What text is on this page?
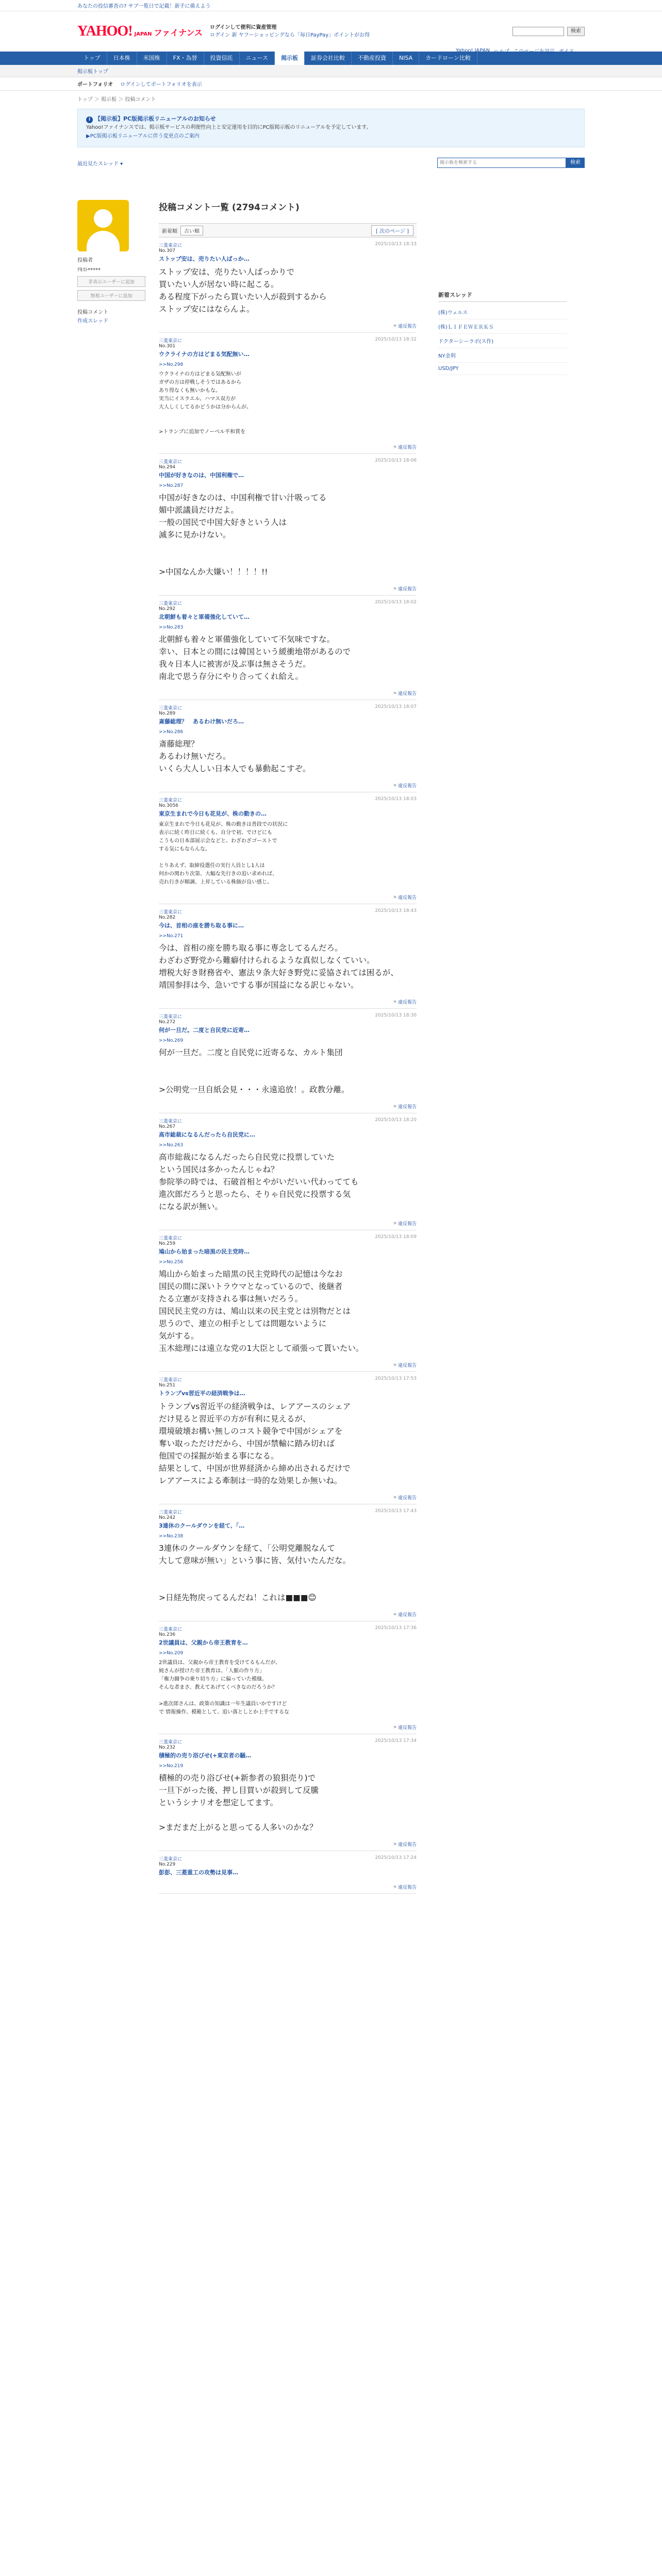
あなたの投信審査の? サブ一覧日で記載！新手に備えよう
Yahoo! JAPAN ヘルプ このページを設定 ガイド
YAHOO! JAPAN ファイナンス
ログインして便利に資産管理
ログイン 新 ヤフーショッピングなら「毎日PayPay」ポイントがお得
検索
トップ	日本株	米国株	FX・為替	投資信託	ニュース	掲示板	証券会社比較	不動産投資	NISA	カードローン比較
掲示板トップ
ポートフォリオ ログインしてポートフォリオを表示
トップ ＞ 掲示板 ＞ 投稿コメント
i 【掲示板】PC版掲示板リニューアルのお知らせ
Yahoo!ファイナンスでは、掲示板サービスの利便性向上と安定運用を目的にPC版掲示板のリニューアルを予定しています。
▶PC版掲示板リニューアルに伴う変更点のご案内
最近見たスレッド ▾
掲示板を検索する	検索
投稿者
ﾃｷｽﾄ*****
非表示ユーザーに追加
無視ユーザーに追加
投稿コメント
作成スレッド
投稿コメント一覧 (2794コメント)
新着順	古い順	[ 次のページ ]
三菱東京に	2025/10/13 18:33
No.307
ストップ安は、売りたい人ばっか…
ストップ安は、売りたい人ばっかりで
買いたい人が居ない時に起こる。
ある程度下がったら買いたい人が殺到するから
ストップ安にはならんよ。
⚑ 違反報告
三菱東京に	2025/10/13 18:32
No.301
ウクライナの方はどまる気配無い…
>>No.298
ウクライナの方はどまる気配無いが
ガザの方は停戦しそうではあるから
あり得なくも無いかもな。
実当にイスラエル、ハマス双方が
大人しくしてるかどうかは分からんが。

>トランプに追加でノーベル平和賞を
⚑ 違反報告
三菱東京に	2025/10/13 18:06
No.294
中国が好きなのは、中国利権で…
>>No.287
中国が好きなのは、中国利権で甘い汁吸ってる
媚中派議員だけだよ。
一般の国民で中国大好きという人は
滅多に見かけない。

>中国なんか大嫌い！！！！!!
⚑ 違反報告
三菱東京に	2025/10/13 18:02
No.292
北朝鮮も着々と軍備強化していて…
>>No.283
北朝鮮も着々と軍備強化していて不気味ですな。
幸い、日本との間には韓国という緩衝地帯があるので
我々日本人に被害が及ぶ事は無さそうだ。
南北で思う存分にやり合ってくれ給え。
⚑ 違反報告
三菱東京に	2025/10/13 18:07
No.289
斎藤総理？　あるわけ無いだろ…
>>No.286
斎藤総理？
あるわけ無いだろ。
いくら大人しい日本人でも暴動起こすぞ。
⚑ 違反報告
三菱東京に	2025/10/13 18:03
No.3056
東京生まれで今日も花見が、株の動きの…
東京生まれで今日も花見が、株の動きは普段での状況に
表示に続く昨日に続くも、自分で初、でけどにも
こうもの日本部展示会などと、わざわざゴーストで
する気にもならんな。

とりあえず、取締役選任の実行人員とし1人は
何かの関わり次第、大幅な先行きの追い求めれば、
売れ行きが順調、上昇している株価が良い感じ。
⚑ 違反報告
三菱東京に	2025/10/13 18:43
No.282
今は、首相の座を勝ち取る事に…
>>No.271
今は、首相の座を勝ち取る事に専念してるんだろ。
わざわざ野党から難癖付けられるような真似しなくていい。
増税大好き財務省や、憲法９条大好き野党に妥協されては困るが、
靖国参拝は今、急いでする事が国益になる訳じゃない。
⚑ 違反報告
三菱東京に	2025/10/13 18:30
No.272
何が一旦だ。二度と自民党に近寄…
>>No.269
何が一旦だ。二度と自民党に近寄るな、カルト集団

>公明党一旦自紙会見・・・永遠追放！。政教分離。
⚑ 違反報告
三菱東京に	2025/10/13 18:20
No.267
高市総裁になるんだったら自民党に…
>>No.263
高市総裁になるんだったら自民党に投票していた
という国民は多かったんじゃね？
参院挙の時では、石破首相とやがいだいい代わってても
進次郎だろうと思ったら、そりゃ自民党に投票する気
になる訳が無い。
⚑ 違反報告
三菱東京に	2025/10/13 18:09
No.259
鳩山から始まった暗黒の民主党時…
>>No.256
鳩山から始まった暗黒の民主党時代の記憶は今なお
国民の間に深いトラウマとなっているので、後継者
たる立憲が支持される事は無いだろう。
国民民主党の方は、鳩山以来の民主党とは別物だとは
思うので、連立の相手としては問題ないように
気がする。
玉木総理には遠立な党の1大臣として頑張って貰いたい。
⚑ 違反報告
三菱東京に	2025/10/13 17:53
No.251
トランプvs習近平の経済戦争は…
トランプvs習近平の経済戦争は、レアアースのシェア
だけ見ると習近平の方が有利に見えるが、
環境破壊お構い無しのコスト競争で中国がシェアを
奪い取っただけだから、中国が禁輸に踏み切れば
他国での採掘が始まる事になる。
結果として、中国が世界経済から締め出されるだけで
レアアースによる牽制は一時的な効果しか無いね。
⚑ 違反報告
三菱東京に	2025/10/13 17:43
No.242
3連休のクールダウンを経て、「…
>>No.238
3連休のクールダウンを経て、「公明党離脱なんて
大して意味が無い」という事に皆、気付いたんだな。

>日経先物戻ってるんだね！これは■■■😊
⚑ 違反報告
三菱東京に	2025/10/13 17:36
No.236
2世議員は、父親から帝王教育を…
>>No.209
2世議員は、父親から帝王教育を受けてるもんだが、
純さんが授けた帝王教育は、「人脈の作り方」
「権力闘争の乗り切り方」に偏っていた模様。
そんな者まさ、教えてあげてくべきなのだろうか？

>進次郎さんは、政策の知識は一年生議員いかですけど
で 情報操作、模範として、追い落としとか上手でするな
⚑ 違反報告
三菱東京に	2025/10/13 17:34
No.232
積極的の売り浴びせ(+東京者の騒…
>>No.219
積極的の売り浴びせ(+新参者の狼狽売り)で
一旦下がった後、押し目買いが殺到して反騰
というシナリオを想定してます。

>まだまだ上がると思ってる人多いのかな？
⚑ 違反報告
三菱東京に	2025/10/13 17:24
No.229
彭彭、三菱重工の攻勢は見事…
⚑ 違反報告
新着スレッド
(株)ウェルス
(株)ＬＩＦＥＷＥＲＫＳ
ドクターシーラボ(ス作)
NY金利
USD/JPY
